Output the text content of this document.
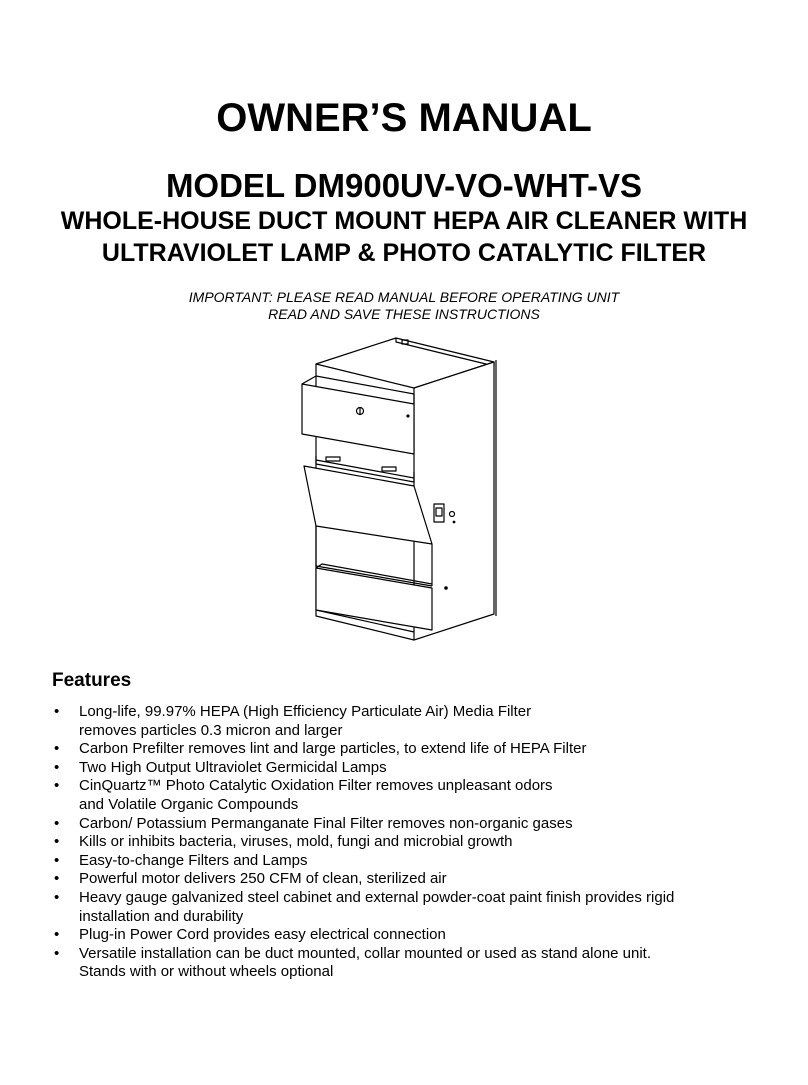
OWNER’S MANUAL
MODEL DM900UV-VO-WHT-VS
WHOLE-HOUSE DUCT MOUNT HEPA AIR CLEANER WITH
ULTRAVIOLET LAMP & PHOTO CATALYTIC FILTER
IMPORTANT: PLEASE READ MANUAL BEFORE OPERATING UNIT
READ AND SAVE THESE INSTRUCTIONS
Features
• Long-life, 99.97% HEPA (High Efficiency Particulate Air) Media Filter
removes particles 0.3 micron and larger
• Carbon Prefilter removes lint and large particles, to extend life of HEPA Filter
• Two High Output Ultraviolet Germicidal Lamps
• CinQuartz™ Photo Catalytic Oxidation Filter removes unpleasant odors
and Volatile Organic Compounds
• Carbon/ Potassium Permanganate Final Filter removes non-organic gases
• Kills or inhibits bacteria, viruses, mold, fungi and microbial growth
• Easy-to-change Filters and Lamps
• Powerful motor delivers 250 CFM of clean, sterilized air
• Heavy gauge galvanized steel cabinet and external powder-coat paint finish provides rigid
installation and durability
• Plug-in Power Cord provides easy electrical connection
• Versatile installation can be duct mounted, collar mounted or used as stand alone unit.
Stands with or without wheels optional
